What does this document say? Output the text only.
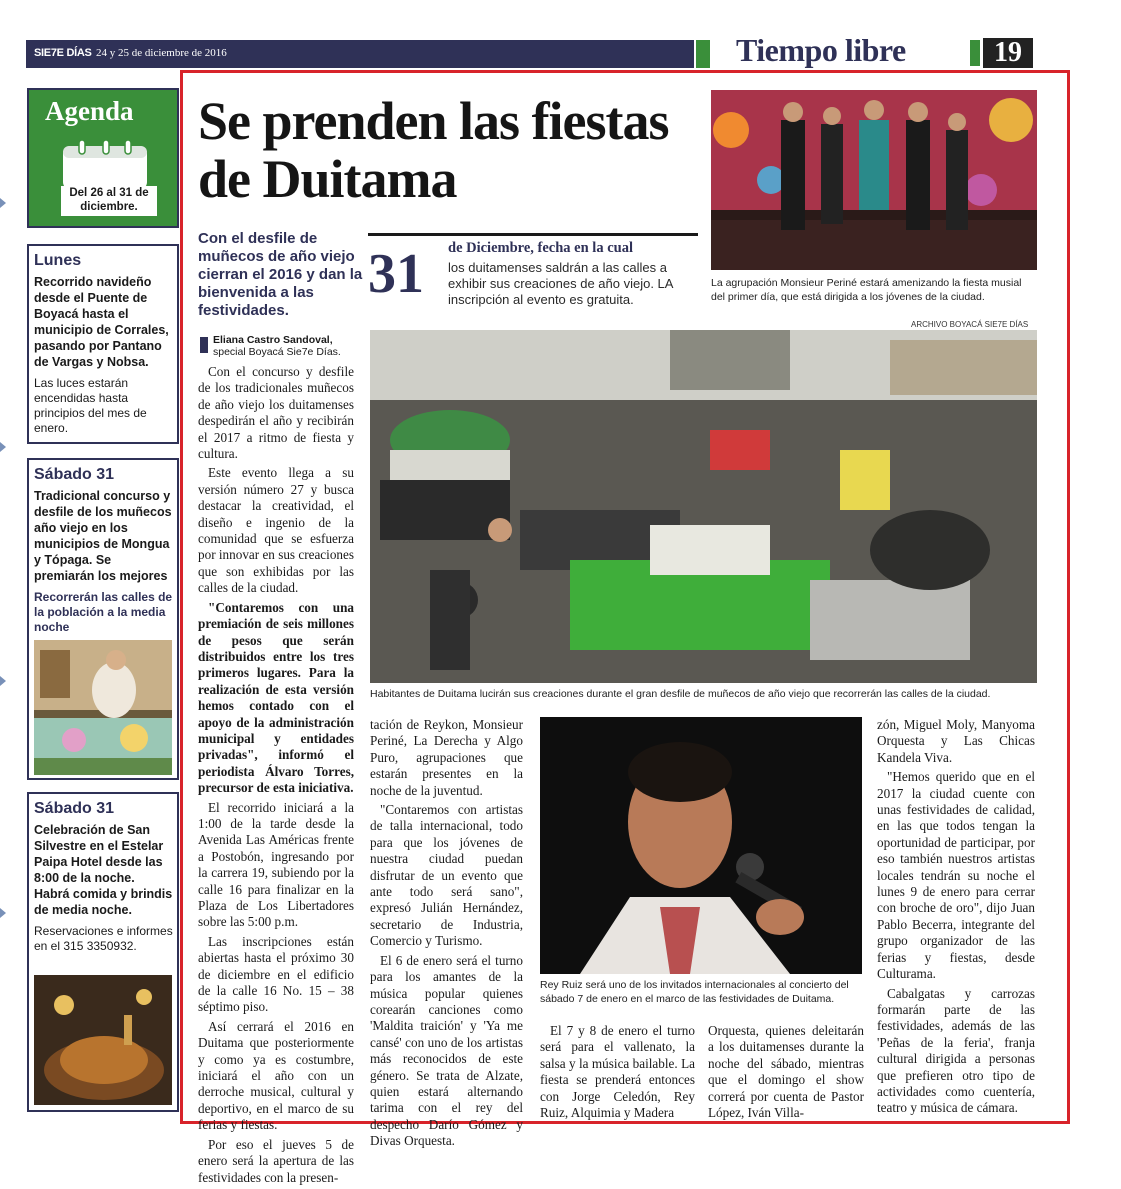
SIE7E DÍAS 24 y 25 de diciembre de 2016	Tiempo libre	19
Agenda
Del 26 al 31 de diciembre.
Lunes
Recorrido navideño desde el Puente de Boyacá hasta el municipio de Corrales, pasando por Pantano de Vargas y Nobsa.
Las luces estarán encendidas hasta principios del mes de enero.
Sábado 31
Tradicional concurso y desfile de los muñecos año viejo en los municipios de Mongua y Tópaga. Se premiarán los mejores
Recorrerán las calles de la población a la media noche
Sábado 31
Celebración de San Silvestre en el Estelar Paipa Hotel desde las 8:00 de la noche. Habrá comida y brindis de media noche.
Reservaciones e informes en el 315 3350932.
Se prenden las fiestas de Duitama
Con el desfile de muñecos de año viejo cierran el 2016 y dan la bienvenida a las festividades.
31 de Diciembre, fecha en la cual
los duitamenses saldrán a las calles a exhibir sus creaciones de año viejo. LA inscripción al evento es gratuita.
Eliana Castro Sandoval,
special Boyacá Sie7e Días.
La agrupación Monsieur Periné estará amenizando la fiesta musial del primer día, que está dirigida a los jóvenes de la ciudad.
ARCHIVO BOYACÁ SIE7E DÍAS
Habitantes de Duitama lucirán sus creaciones durante el gran desfile de muñecos de año viejo que recorrerán las calles de la ciudad.
Rey Ruiz será uno de los invitados internacionales al concierto del sábado 7 de enero en el marco de las festividades de Duitama.

Con el concurso y desfile de los tradicionales muñecos de año viejo los duitamenses despedirán el año y recibirán el 2017 a ritmo de fiesta y cultura.

Este evento llega a su versión número 27 y busca destacar la creatividad, el diseño e ingenio de la comunidad que se esfuerza por innovar en sus creaciones que son exhibidas por las calles de la ciudad.

"Contaremos con una premiación de seis millones de pesos que serán distribuidos entre los tres primeros lugares. Para la realización de esta versión hemos contado con el apoyo de la administración municipal y entidades privadas", informó el periodista Álvaro Torres, precursor de esta iniciativa.

El recorrido iniciará a la 1:00 de la tarde desde la Avenida Las Américas frente a Postobón, ingresando por la carrera 19, subiendo por la calle 16 para finalizar en la Plaza de Los Libertadores sobre las 5:00 p.m.

Las inscripciones están abiertas hasta el próximo 30 de diciembre en el edificio de la calle 16 No. 15 – 38 séptimo piso.

Así cerrará el 2016 en Duitama que posteriormente y como ya es costumbre, iniciará el año con un derroche musical, cultural y deportivo, en el marco de su ferias y fiestas.

Por eso el jueves 5 de enero será la apertura de las festividades con la presen-

tación de Reykon, Monsieur Periné, La Derecha y Algo Puro, agrupaciones que estarán presentes en la noche de la juventud.

"Contaremos con artistas de talla internacional, todo para que los jóvenes de nuestra ciudad puedan disfrutar de un evento que ante todo será sano", expresó Julián Hernández, secretario de Industria, Comercio y Turismo.

El 6 de enero será el turno para los amantes de la música popular quienes corearán canciones como 'Maldita traición' y 'Ya me cansé' con uno de los artistas más reconocidos de este género. Se trata de Alzate, quien estará alternando tarima con el rey del despecho Darío Gómez y Divas Orquesta.

El 7 y 8 de enero el turno será para el vallenato, la salsa y la música bailable. La fiesta se prenderá entonces con Jorge Celedón, Rey Ruiz, Alquimia y Madera

Orquesta, quienes deleitarán a los duitamenses durante la noche del sábado, mientras que el domingo el show correrá por cuenta de Pastor López, Iván Villa-

zón, Miguel Moly, Manyoma Orquesta y Las Chicas Kandela Viva.

"Hemos querido que en el 2017 la ciudad cuente con unas festividades de calidad, en las que todos tengan la oportunidad de participar, por eso también nuestros artistas locales tendrán su noche el lunes 9 de enero para cerrar con broche de oro", dijo Juan Pablo Becerra, integrante del grupo organizador de las ferias y fiestas, desde Culturama.

Cabalgatas y carrozas formarán parte de las festividades, además de las 'Peñas de la feria', franja cultural dirigida a personas que prefieren otro tipo de actividades como cuentería, teatro y música de cámara.
